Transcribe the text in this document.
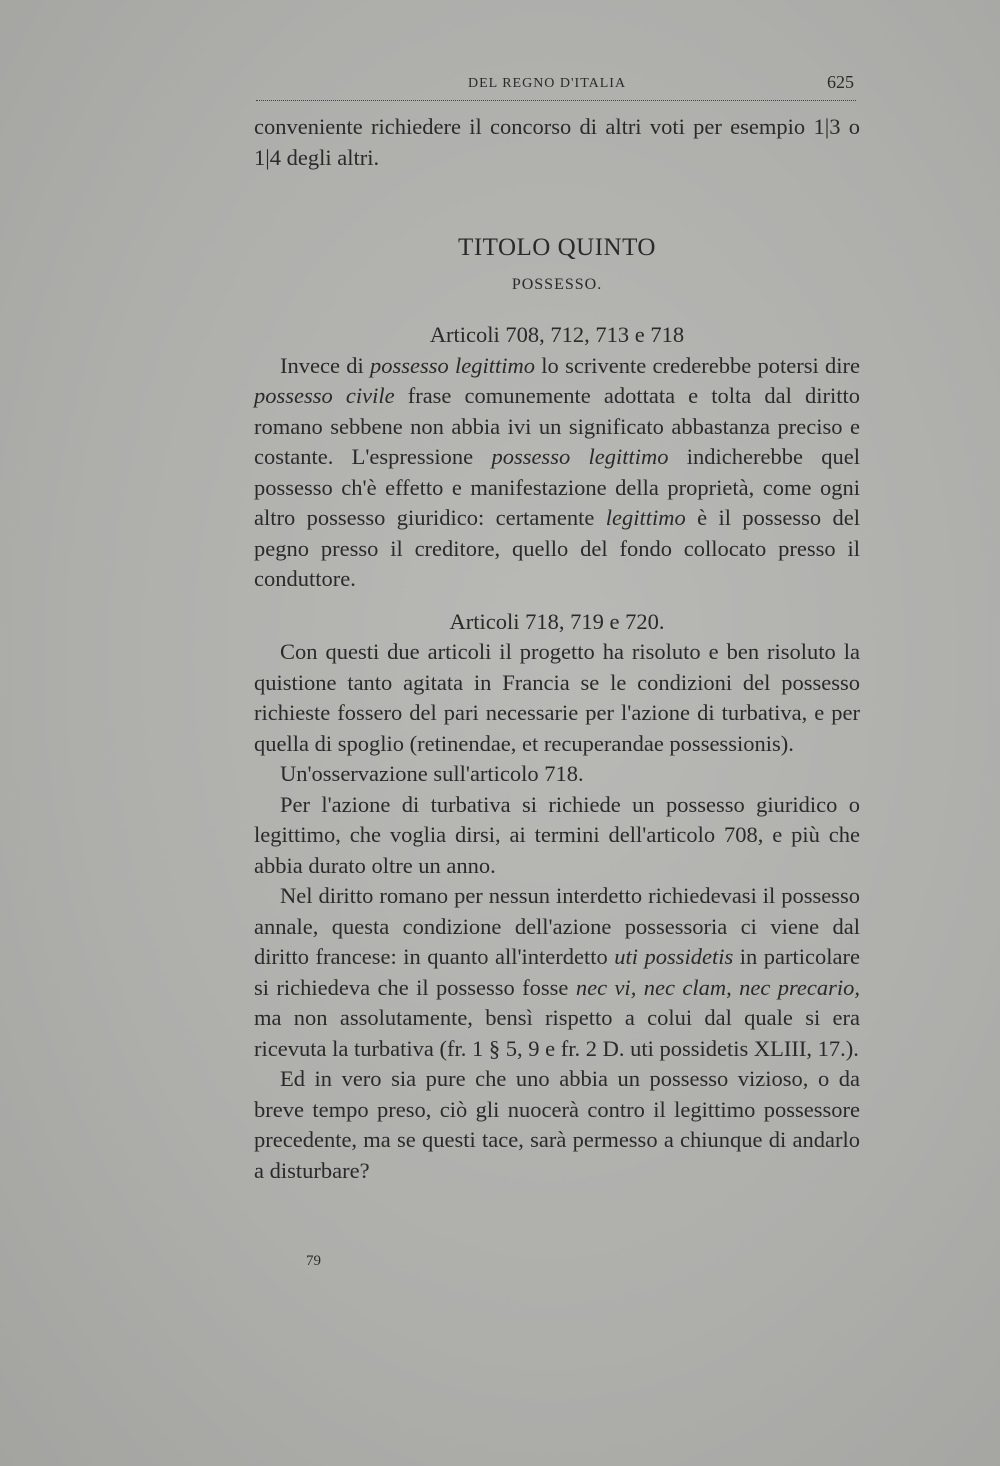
DEL REGNO D'ITALIA	625

conveniente richiedere il concorso di altri voti per esempio 1|3 o 1|4 degli altri.

TITOLO QUINTO

POSSESSO.

Articoli 708, 712, 713 e 718

Invece di possesso legittimo lo scrivente crederebbe potersi dire possesso civile frase comunemente adottata e tolta dal diritto romano sebbene non abbia ivi un significato abbastanza preciso e costante. L'espressione possesso legittimo indicherebbe quel possesso ch'è effetto e manifestazione della proprietà, come ogni altro possesso giuridico: certamente legittimo è il possesso del pegno presso il creditore, quello del fondo collocato presso il conduttore.

Articoli 718, 719 e 720.

Con questi due articoli il progetto ha risoluto e ben risoluto la quistione tanto agitata in Francia se le condizioni del possesso richieste fossero del pari necessarie per l'azione di turbativa, e per quella di spoglio (retinendae, et recuperandae possessionis).

Un'osservazione sull'articolo 718.

Per l'azione di turbativa si richiede un possesso giuridico o legittimo, che voglia dirsi, ai termini dell'articolo 708, e più che abbia durato oltre un anno.

Nel diritto romano per nessun interdetto richiedevasi il possesso annale, questa condizione dell'azione possessoria ci viene dal diritto francese: in quanto all'interdetto uti possidetis in particolare si richiedeva che il possesso fosse nec vi, nec clam, nec precario, ma non assolutamente, bensì rispetto a colui dal quale si era ricevuta la turbativa (fr. 1 § 5, 9 e fr. 2 D. uti possidetis XLIII, 17.).

Ed in vero sia pure che uno abbia un possesso vizioso, o da breve tempo preso, ciò gli nuocerà contro il legittimo possessore precedente, ma se questi tace, sarà permesso a chiunque di andarlo a disturbare?

79
